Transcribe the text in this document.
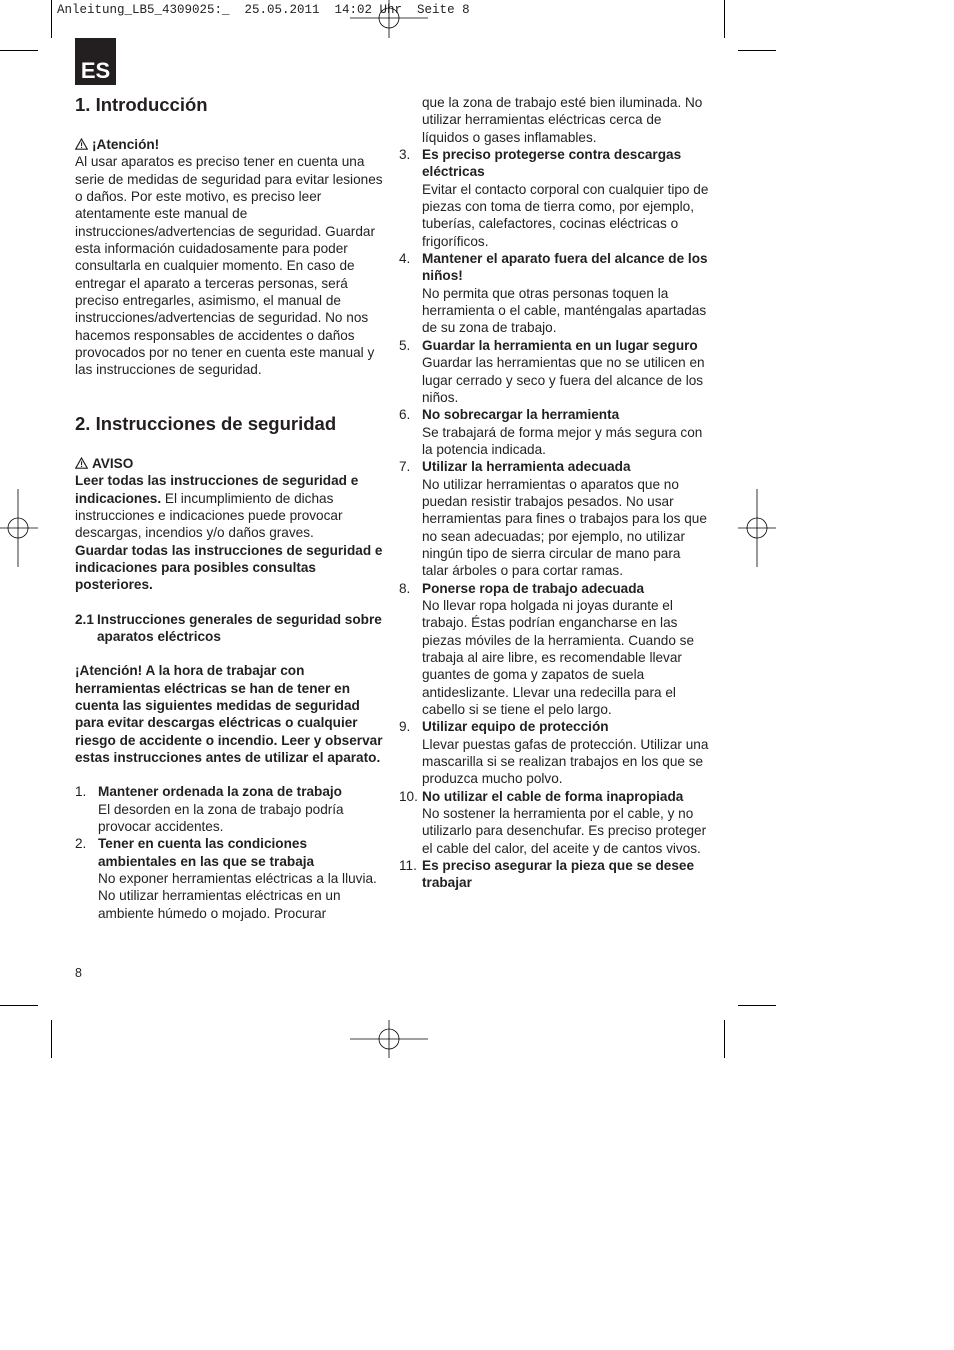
Anleitung_LB5_4309025:_  25.05.2011  14:02 Uhr  Seite 8
ES
1. Introducción

¡Atención!

Al usar aparatos es preciso tener en cuenta una serie de medidas de seguridad para evitar lesiones o daños. Por este motivo, es preciso leer atentamente este manual de instrucciones/advertencias de seguridad. Guardar esta información cuidadosamente para poder consultarla en cualquier momento. En caso de entregar el aparato a terceras personas, será preciso entregarles, asimismo, el manual de instrucciones/advertencias de seguridad. No nos hacemos responsables de accidentes o daños provocados por no tener en cuenta este manual y las instrucciones de seguridad.

2. Instrucciones de seguridad

AVISO

Leer todas las instrucciones de seguridad e indicaciones. El incumplimiento de dichas instrucciones e indicaciones puede provocar descargas, incendios y/o daños graves.

Guardar todas las instrucciones de seguridad e indicaciones para posibles consultas posteriores.

2.1 Instrucciones generales de seguridad sobre aparatos eléctricos

¡Atención! A la hora de trabajar con herramientas eléctricas se han de tener en cuenta las siguientes medidas de seguridad para evitar descargas eléctricas o cualquier riesgo de accidente o incendio. Leer y observar estas instrucciones antes de utilizar el aparato.

1. Mantener ordenada la zona de trabajo
El desorden en la zona de trabajo podría provocar accidentes.
2. Tener en cuenta las condiciones ambientales en las que se trabaja
No exponer herramientas eléctricas a la lluvia. No utilizar herramientas eléctricas en un ambiente húmedo o mojado. Procurar
que la zona de trabajo esté bien iluminada. No utilizar herramientas eléctricas cerca de líquidos o gases inflamables.
3. Es preciso protegerse contra descargas eléctricas
Evitar el contacto corporal con cualquier tipo de piezas con toma de tierra como, por ejemplo, tuberías, calefactores, cocinas eléctricas o frigoríficos.
4. Mantener el aparato fuera del alcance de los niños!
No permita que otras personas toquen la herramienta o el cable, manténgalas apartadas de su zona de trabajo.
5. Guardar la herramienta en un lugar seguro
Guardar las herramientas que no se utilicen en lugar cerrado y seco y fuera del alcance de los niños.
6. No sobrecargar la herramienta
Se trabajará de forma mejor y más segura con la potencia indicada.
7. Utilizar la herramienta adecuada
No utilizar herramientas o aparatos que no puedan resistir trabajos pesados. No usar herramientas para fines o trabajos para los que no sean adecuadas; por ejemplo, no utilizar ningún tipo de sierra circular de mano para talar árboles o para cortar ramas.
8. Ponerse ropa de trabajo adecuada
No llevar ropa holgada ni joyas durante el trabajo. Éstas podrían engancharse en las piezas móviles de la herramienta. Cuando se trabaja al aire libre, es recomendable llevar guantes de goma y zapatos de suela antideslizante. Llevar una redecilla para el cabello si se tiene el pelo largo.
9. Utilizar equipo de protección
Llevar puestas gafas de protección. Utilizar una mascarilla si se realizan trabajos en los que se produzca mucho polvo.
10. No utilizar el cable de forma inapropiada
No sostener la herramienta por el cable, y no utilizarlo para desenchufar. Es preciso proteger el cable del calor, del aceite y de cantos vivos.
11. Es preciso asegurar la pieza que se desee trabajar
8
